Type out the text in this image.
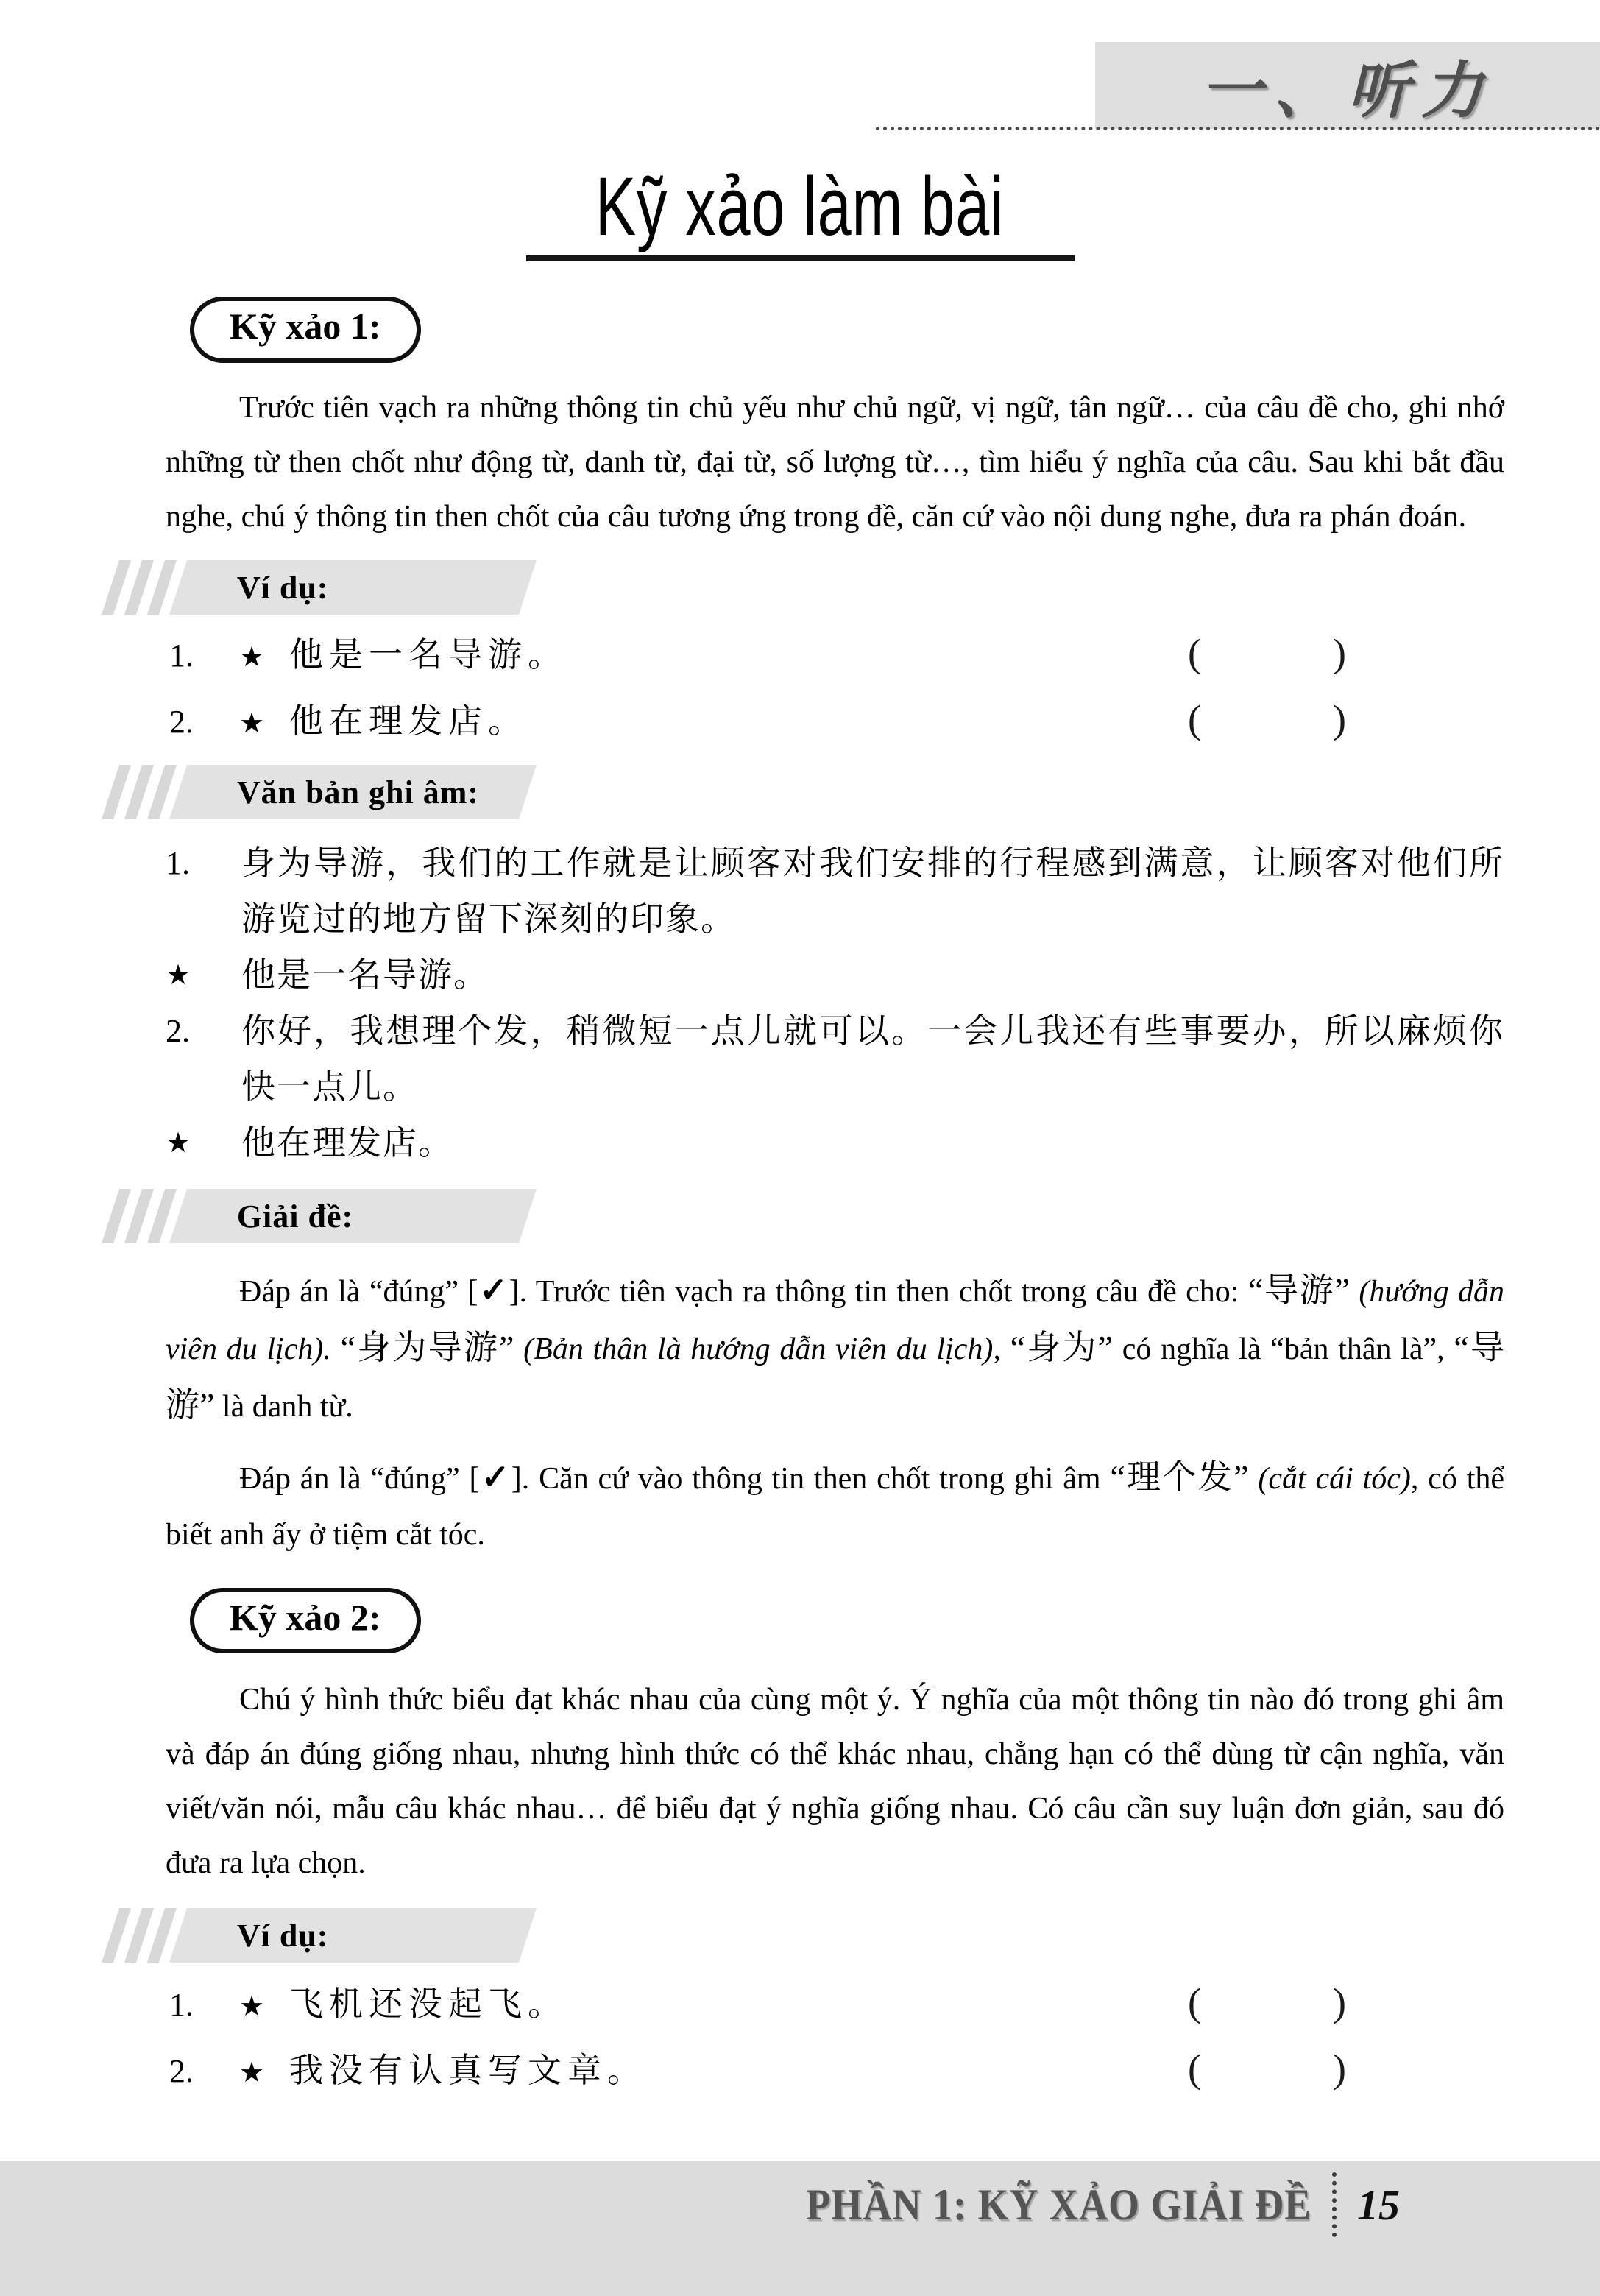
一、听力
Kỹ xảo làm bài
Kỹ xảo 1:

Trước tiên vạch ra những thông tin chủ yếu như chủ ngữ, vị ngữ, tân ngữ… của câu đề cho, ghi nhớ những từ then chốt như động từ, danh từ, đại từ, số lượng từ…, tìm hiểu ý nghĩa của câu. Sau khi bắt đầu nghe, chú ý thông tin then chốt của câu tương ứng trong đề, căn cứ vào nội dung nghe, đưa ra phán đoán.

Ví dụ:
1.	★ 他是一名导游。	(	)
2.	★ 他在理发店。	(	)
Văn bản ghi âm:
1.	身为导游，我们的工作就是让顾客对我们安排的行程感到满意，让顾客对他们所游览过的地方留下深刻的印象。
★	他是一名导游。
2.	你好，我想理个发，稍微短一点儿就可以。一会儿我还有些事要办，所以麻烦你快一点儿。
★	他在理发店。
Giải đề:

Đáp án là “đúng” [✓]. Trước tiên vạch ra thông tin then chốt trong câu đề cho: “导游” (hướng dẫn viên du lịch). “身为导游” (Bản thân là hướng dẫn viên du lịch), “身为” có nghĩa là “bản thân là”, “导游” là danh từ.

Đáp án là “đúng” [✓]. Căn cứ vào thông tin then chốt trong ghi âm “理个发” (cắt cái tóc), có thể biết anh ấy ở tiệm cắt tóc.

Kỹ xảo 2:

Chú ý hình thức biểu đạt khác nhau của cùng một ý. Ý nghĩa của một thông tin nào đó trong ghi âm và đáp án đúng giống nhau, nhưng hình thức có thể khác nhau, chẳng hạn có thể dùng từ cận nghĩa, văn viết/văn nói, mẫu câu khác nhau… để biểu đạt ý nghĩa giống nhau. Có câu cần suy luận đơn giản, sau đó đưa ra lựa chọn.

Ví dụ:
1.	★ 飞机还没起飞。	(	)
2.	★ 我没有认真写文章。	(	)
PHẦN 1: KỸ XẢO GIẢI ĐỀ 15
